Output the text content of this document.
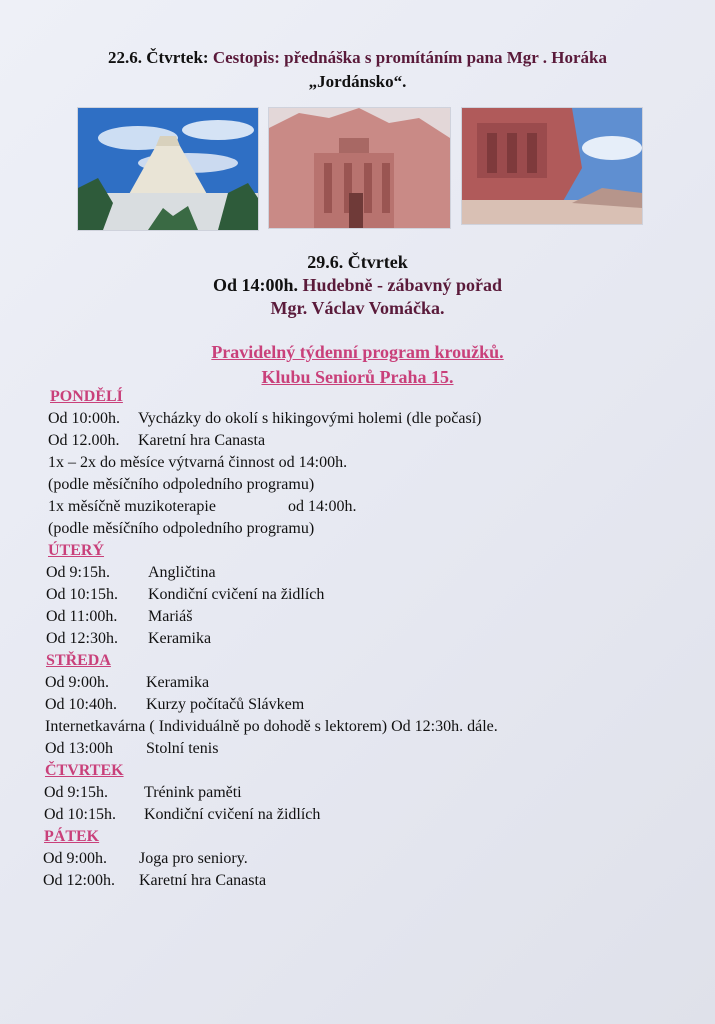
22.6. Čtvrtek: Cestopis: přednáška s promítáním pana Mgr . Horáka
„Jordánsko“.
29.6. Čtvrtek
Od 14:00h. Hudebně - zábavný pořad
Mgr. Václav Vomáčka.
Pravidelný týdenní program kroužků.
Klubu Seniorů Praha 15.
PONDĚLÍ
Od 10:00h. Vycházky do okolí s hikingovými holemi (dle počasí)
Od 12.00h. Karetní hra Canasta
1x – 2x do měsíce výtvarná činnost od 14:00h.
(podle měsíčního odpoledního programu)
1x měsíčně muzikoterapie	od 14:00h.
(podle měsíčního odpoledního programu)
ÚTERÝ
Od 9:15h. Angličtina
Od 10:15h. Kondiční cvičení na židlích
Od 11:00h. Mariáš
Od 12:30h. Keramika
STŘEDA
Od 9:00h. Keramika
Od 10:40h. Kurzy počítačů Slávkem
Internetkavárna ( Individuálně po dohodě s lektorem) Od 12:30h. dále.
Od 13:00h Stolní tenis
ČTVRTEK
Od 9:15h. Trénink paměti
Od 10:15h. Kondiční cvičení na židlích
PÁTEK
Od 9:00h. Joga pro seniory.
Od 12:00h. Karetní hra Canasta
